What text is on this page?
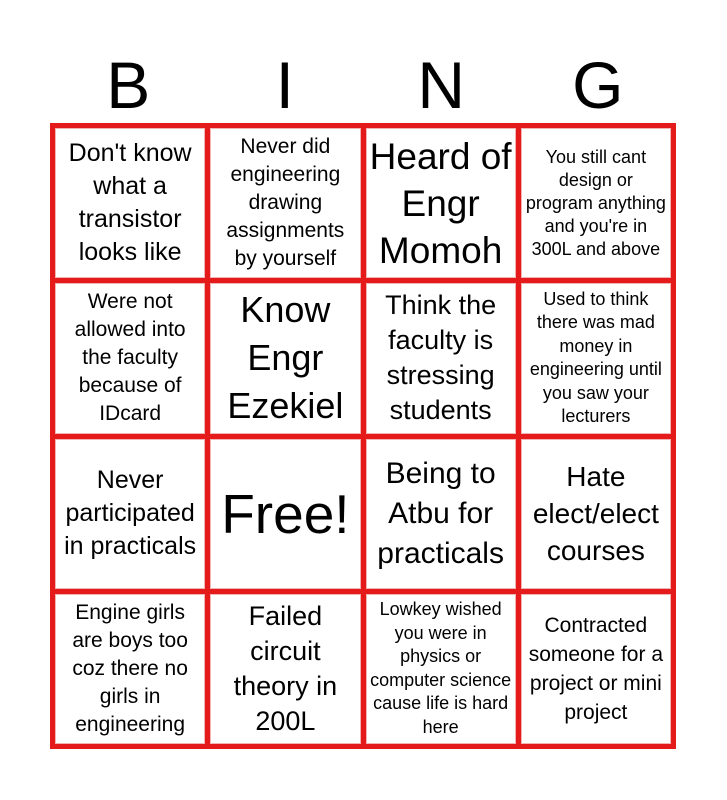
B	I	N	G
Don't know what a transistor looks like
Never did engineering drawing assignments by yourself
Heard of Engr Momoh
You still cant design or program anything and you're in 300L and above
Were not allowed into the faculty because of IDcard
Know Engr Ezekiel
Think the faculty is stressing students
Used to think there was mad money in engineering until you saw your lecturers
Never participated in practicals
Free!
Being to Atbu for practicals
Hate elect/elect courses
Engine girls are boys too coz there no girls in engineering
Failed circuit theory in 200L
Lowkey wished you were in physics or computer science cause life is hard here
Contracted someone for a project or mini project
